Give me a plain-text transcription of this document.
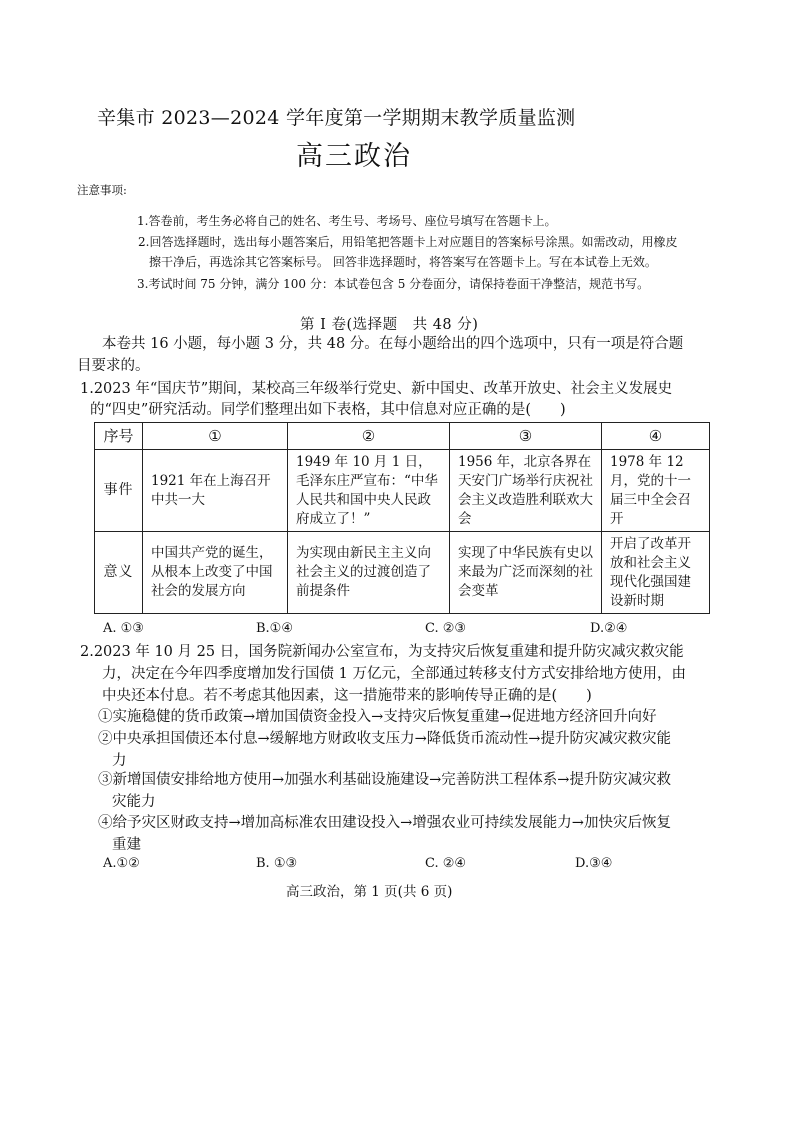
辛集市 2023—2024 学年度第一学期期末教学质量监测
高三政治
注意事项:
1.答卷前，考生务必将自己的姓名、考生号、考场号、座位号填写在答题卡上。
2.回答选择题时，选出每小题答案后，用铅笔把答题卡上对应题目的答案标号涂黑。如需改动，用橡皮
擦干净后，再选涂其它答案标号。 回答非选择题时，将答案写在答题卡上。写在本试卷上无效。
3.考试时间 75 分钟，满分 100 分：本试卷包含 5 分卷面分，请保持卷面干净整洁，规范书写。
第 Ⅰ 卷(选择题　共 48 分)
本卷共 16 小题，每小题 3 分，共 48 分。在每小题给出的四个选项中，只有一项是符合题
目要求的。
1.2023 年“国庆节”期间，某校高三年级举行党史、新中国史、改革开放史、社会主义发展史
的“四史”研究活动。同学们整理出如下表格，其中信息对应正确的是(　　)
序号	①	②	③	④
事件	1921 年在上海召开中共一大	1949 年 10 月 1 日，毛泽东庄严宣布：“中华人民共和国中央人民政府成立了！”	1956 年，北京各界在天安门广场举行庆祝社会主义改造胜利联欢大会	1978 年 12 月，党的十一届三中全会召开
意义	中国共产党的诞生，从根本上改变了中国社会的发展方向	为实现由新民主主义向社会主义的过渡创造了前提条件	实现了中华民族有史以来最为广泛而深刻的社会变革	开启了改革开放和社会主义现代化强国建设新时期
A. ①③	B.①④	C. ②③	D.②④
2.2023 年 10 月 25 日，国务院新闻办公室宣布，为支持灾后恢复重建和提升防灾减灾救灾能
力，决定在今年四季度增加发行国债 1 万亿元，全部通过转移支付方式安排给地方使用，由
中央还本付息。若不考虑其他因素，这一措施带来的影响传导正确的是(　　)
①实施稳健的货币政策→增加国债资金投入→支持灾后恢复重建→促进地方经济回升向好
②中央承担国债还本付息→缓解地方财政收支压力→降低货币流动性→提升防灾减灾救灾能
力
③新增国债安排给地方使用→加强水利基础设施建设→完善防洪工程体系→提升防灾减灾救
灾能力
④给予灾区财政支持→增加高标准农田建设投入→增强农业可持续发展能力→加快灾后恢复
重建
A.①②	B. ①③	C. ②④	D.③④
高三政治，第 1 页(共 6 页)
